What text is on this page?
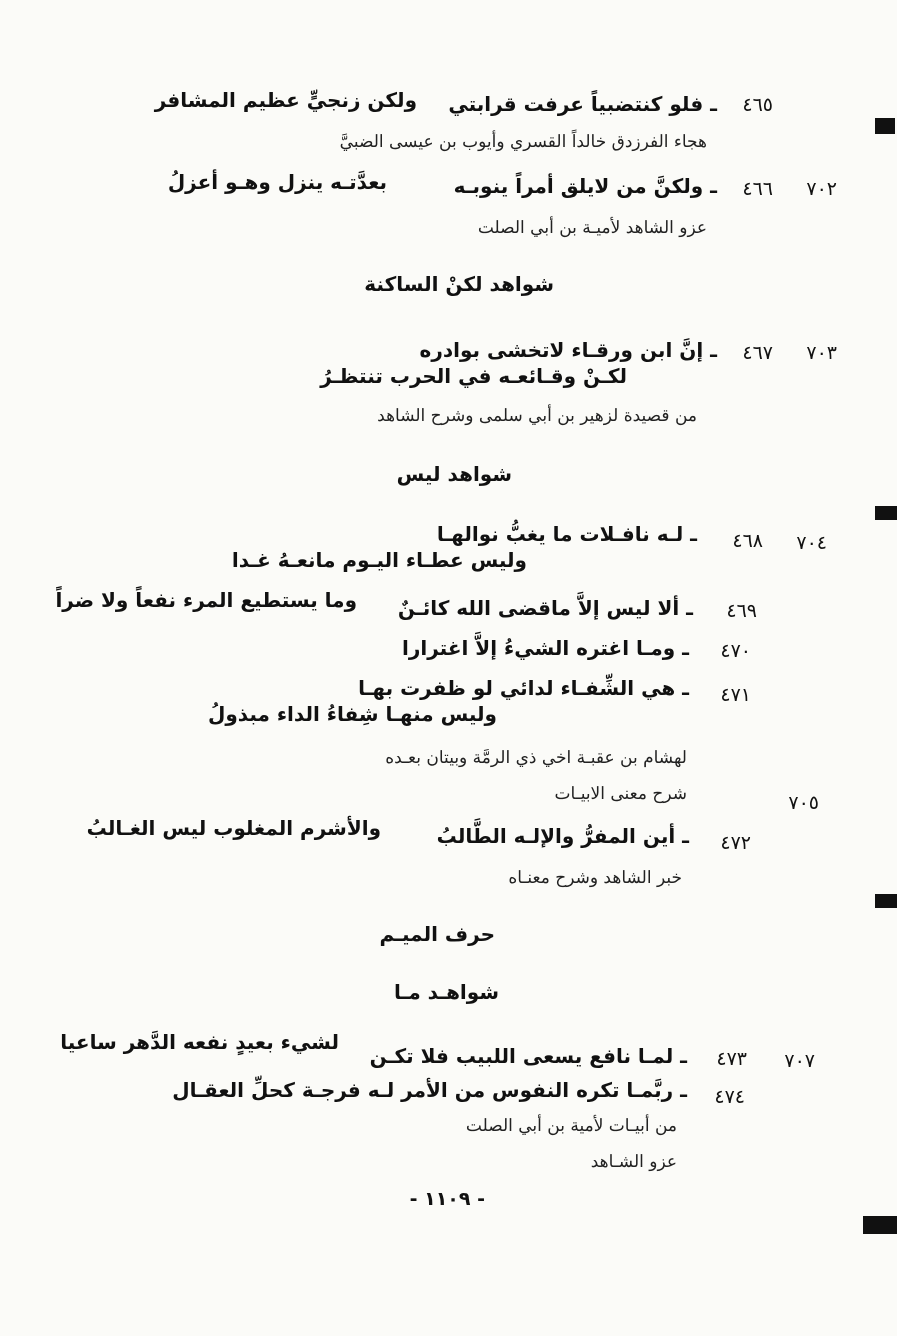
٤٦٥
ـ فلو كنتضبياً عرفت قرابتي
ولكن زنجيٍّ عظيم المشافر
هجاء الفرزدق خالداً القسري وأيوب بن عيسى الضبيَّ
٧٠٢
٤٦٦
ـ ولكنَّ من لايلق أمراً ينوبـه
بعدَّتـه ينزل وهـو أعزلُ
عزو الشاهد لأميـة بن أبي الصلت
شواهد لكنْ الساكنة
٧٠٣
٤٦٧
ـ إنَّ ابن ورقـاء لاتخشى بوادره
لكـنْ وقـائعـه في الحرب تنتظـرُ
من قصيدة لزهير بن أبي سلمى وشرح الشاهد
شواهد ليس
٧٠٤
٤٦٨
ـ لـه نافـلات ما يغبُّ نوالهـا
وليس عطـاء اليـوم مانعـهُ غـدا
٤٦٩
ـ ألا ليس إلاَّ ماقضى الله كائـنٌ
وما يستطيع المرء نفعاً ولا ضراً
٤٧٠
ـ ومـا اغتره الشيءُ إلاَّ اغترارا
٤٧١
ـ هي الشِّفـاء لدائي لو ظفرت بهـا
وليس منهـا شِفاءُ الداء مبذولُ
لهشام بن عقبـة اخي ذي الرمَّة وبيتان بعـده
٧٠٥
شرح معنى الابيـات
٤٧٢
ـ أين المفرُّ والإلـه الطَّالبُ
والأشرم المغلوب ليس الغـالبُ
خبر الشاهد وشرح معنـاه
حرف الميـم
شواهـد مـا
٧٠٧
٤٧٣
ـ لمـا نافع يسعى اللبيب فلا تكـن
لشيء بعيدٍ نفعه الدَّهر ساعيا
٤٧٤
ـ ربَّمـا تكره النفوس من الأمر لـه فرجـة كحلِّ العقـال
من أبيـات لأمية بن أبي الصلت
عزو الشـاهد
- ١١٠٩ -
